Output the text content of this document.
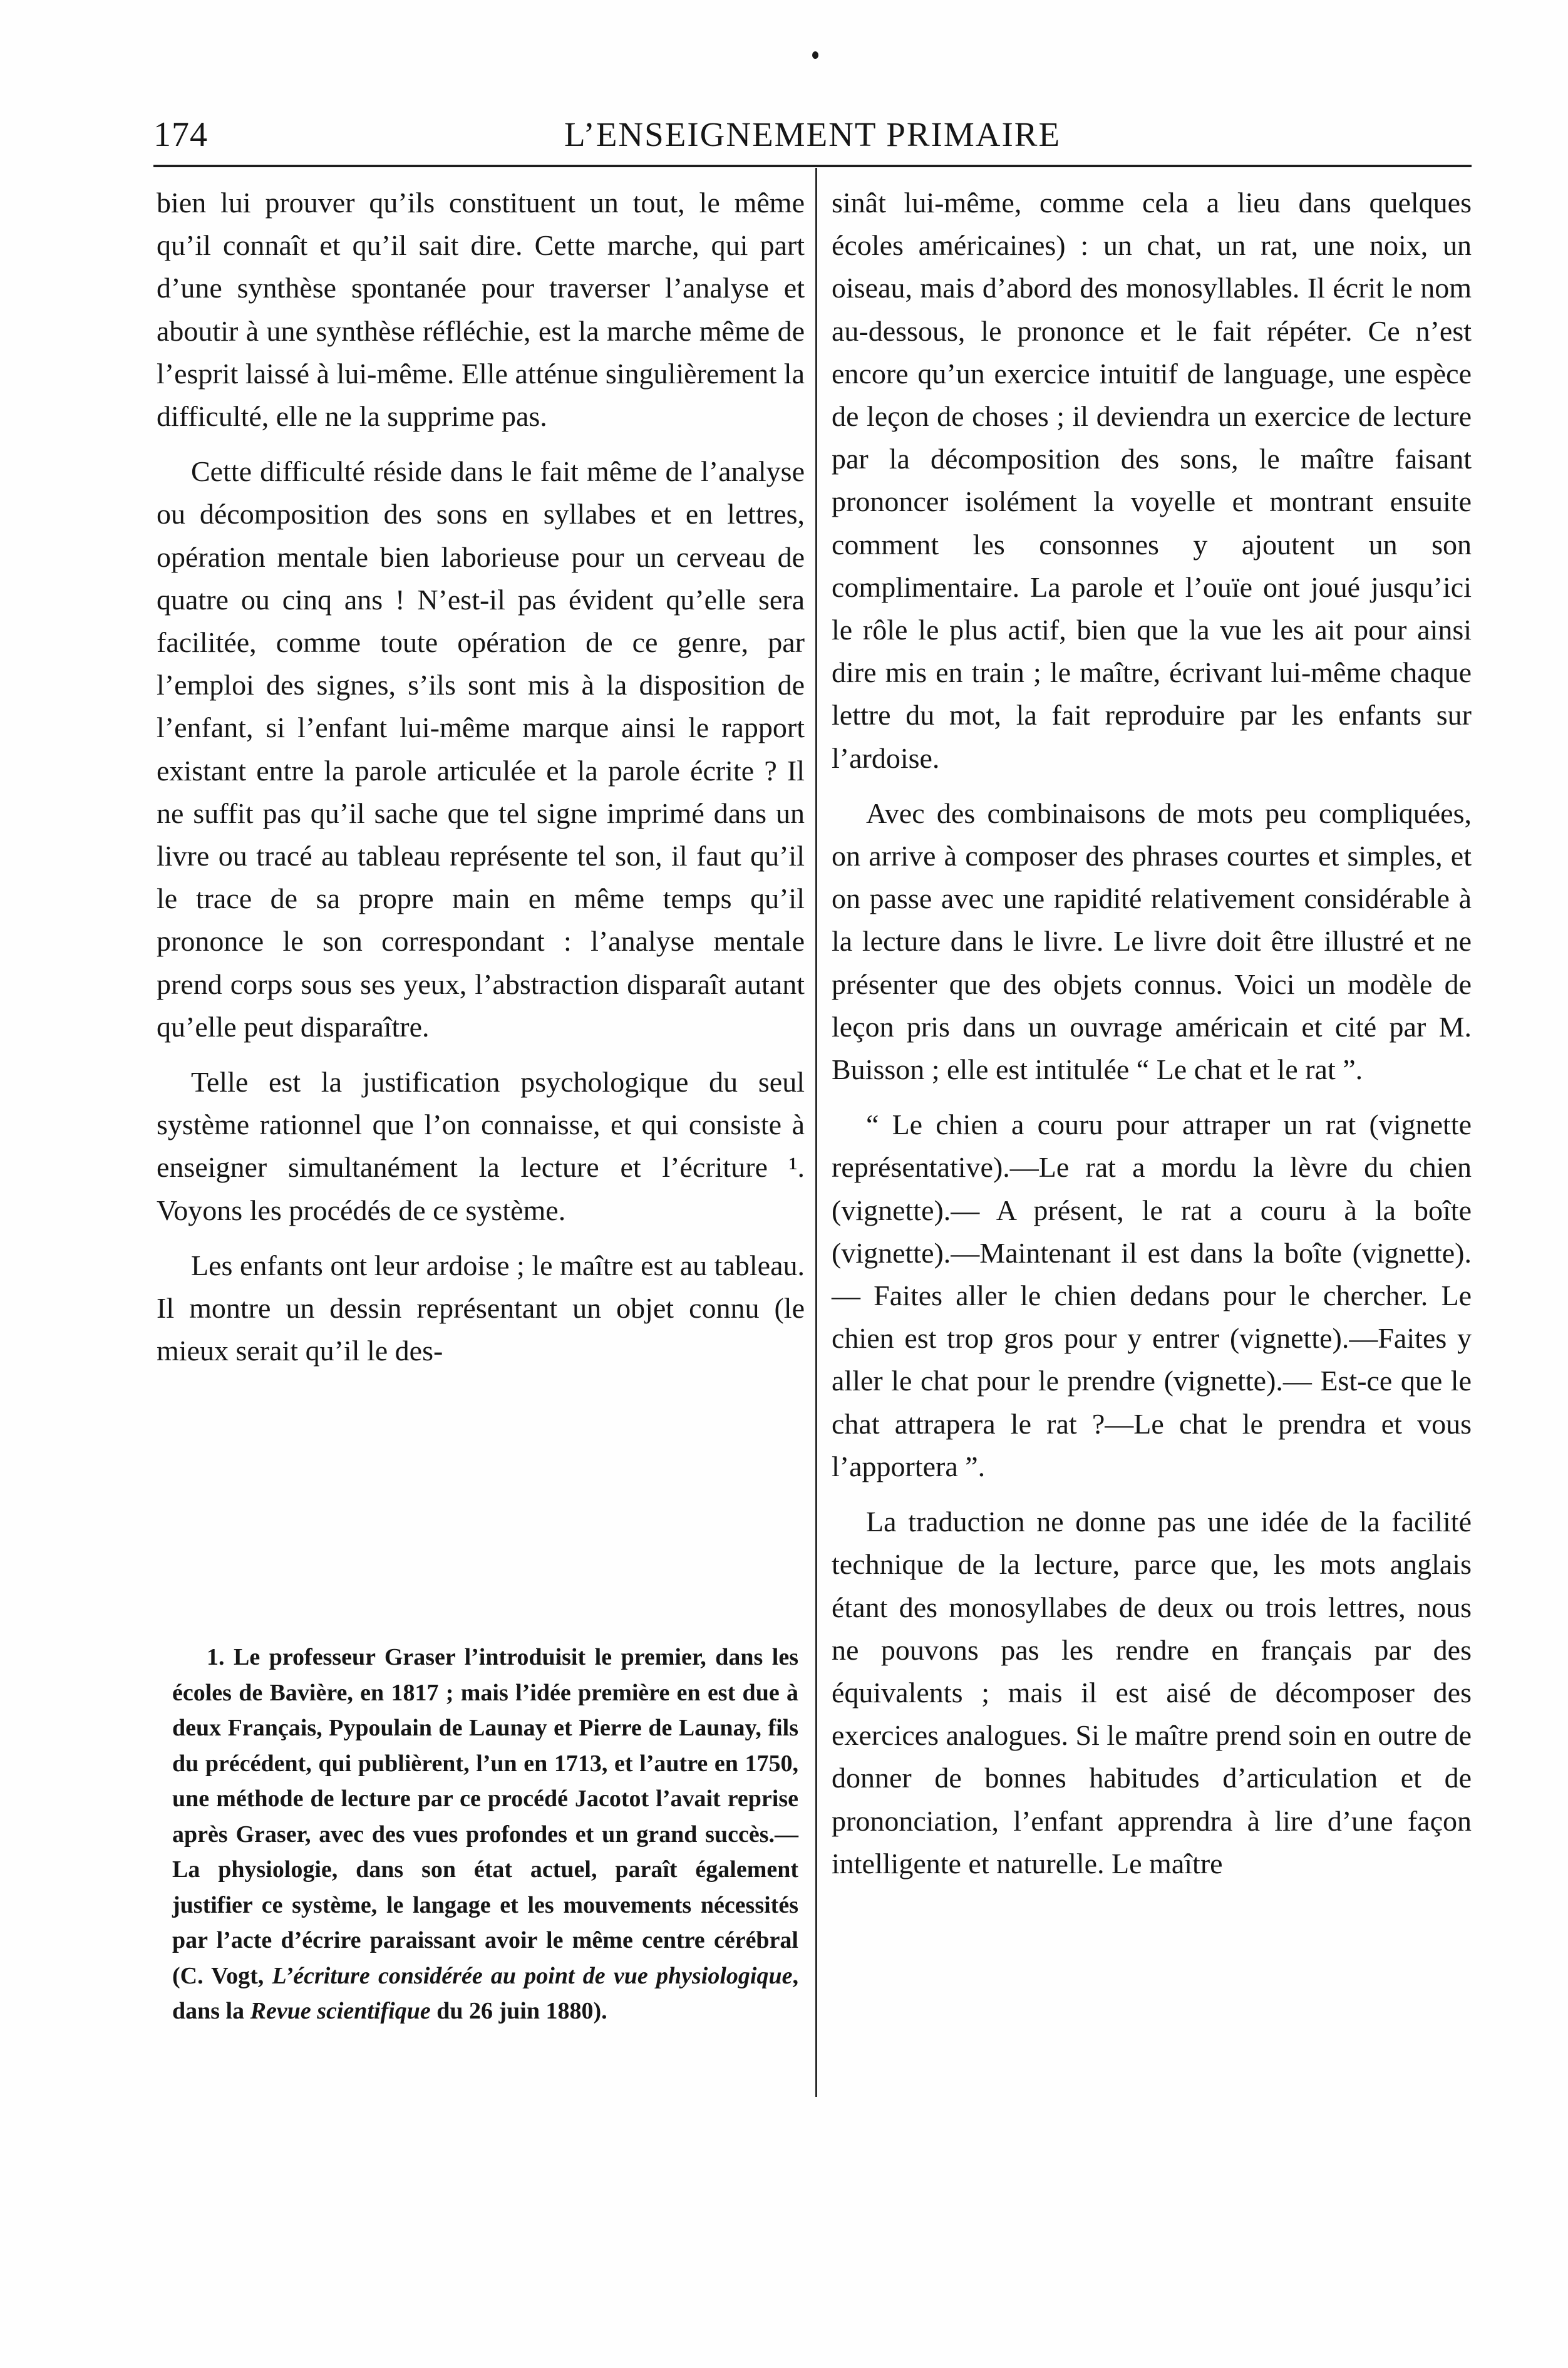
174	L’ENSEIGNEMENT PRIMAIRE

bien lui prouver qu’ils constituent un tout, le même qu’il connaît et qu’il sait dire. Cette marche, qui part d’une synthèse spontanée pour traverser l’analyse et aboutir à une synthèse réfléchie, est la marche même de l’esprit laissé à lui-même. Elle atténue singulièrement la difficulté, elle ne la supprime pas.

Cette difficulté réside dans le fait même de l’analyse ou décomposition des sons en syllabes et en lettres, opération mentale bien laborieuse pour un cerveau de quatre ou cinq ans ! N’est-il pas évident qu’elle sera facilitée, comme toute opération de ce genre, par l’emploi des signes, s’ils sont mis à la disposition de l’enfant, si l’enfant lui-même marque ainsi le rapport existant entre la parole articulée et la parole écrite ? Il ne suffit pas qu’il sache que tel signe imprimé dans un livre ou tracé au tableau représente tel son, il faut qu’il le trace de sa propre main en même temps qu’il prononce le son correspondant : l’analyse mentale prend corps sous ses yeux, l’abstraction disparaît autant qu’elle peut disparaître.

Telle est la justification psychologique du seul système rationnel que l’on connaisse, et qui consiste à enseigner simultanément la lecture et l’écriture ¹. Voyons les procédés de ce système.

Les enfants ont leur ardoise ; le maître est au tableau. Il montre un dessin représentant un objet connu (le mieux serait qu’il le des-

1. Le professeur Graser l’introduisit le premier, dans les écoles de Bavière, en 1817 ; mais l’idée première en est due à deux Français, Pypoulain de Launay et Pierre de Launay, fils du précédent, qui publièrent, l’un en 1713, et l’autre en 1750, une méthode de lecture par ce procédé Jacotot l’avait reprise après Graser, avec des vues profondes et un grand succès.—La physiologie, dans son état actuel, paraît également justifier ce système, le langage et les mouvements nécessités par l’acte d’écrire paraissant avoir le même centre cérébral (C. Vogt, L’écriture considérée au point de vue physiologique, dans la Revue scientifique du 26 juin 1880).

sinât lui-même, comme cela a lieu dans quelques écoles américaines) : un chat, un rat, une noix, un oiseau, mais d’abord des monosyllables. Il écrit le nom au-dessous, le prononce et le fait répéter. Ce n’est encore qu’un exercice intuitif de language, une espèce de leçon de choses ; il deviendra un exercice de lecture par la décomposition des sons, le maître faisant prononcer isolément la voyelle et montrant ensuite comment les consonnes y ajoutent un son complimentaire. La parole et l’ouïe ont joué jusqu’ici le rôle le plus actif, bien que la vue les ait pour ainsi dire mis en train ; le maître, écrivant lui-même chaque lettre du mot, la fait reproduire par les enfants sur l’ardoise.

Avec des combinaisons de mots peu compliquées, on arrive à composer des phrases courtes et simples, et on passe avec une rapidité relativement considérable à la lecture dans le livre. Le livre doit être illustré et ne présenter que des objets connus. Voici un modèle de leçon pris dans un ouvrage américain et cité par M. Buisson ; elle est intitulée “ Le chat et le rat ”.

“ Le chien a couru pour attraper un rat (vignette représentative).—Le rat a mordu la lèvre du chien (vignette).— A présent, le rat a couru à la boîte (vignette).—Maintenant il est dans la boîte (vignette). — Faites aller le chien dedans pour le chercher. Le chien est trop gros pour y entrer (vignette).—Faites y aller le chat pour le prendre (vignette).— Est-ce que le chat attrapera le rat ?—Le chat le prendra et vous l’apportera ”.

La traduction ne donne pas une idée de la facilité technique de la lecture, parce que, les mots anglais étant des monosyllabes de deux ou trois lettres, nous ne pouvons pas les rendre en français par des équivalents ; mais il est aisé de décomposer des exercices analogues. Si le maître prend soin en outre de donner de bonnes habitudes d’articulation et de prononciation, l’enfant apprendra à lire d’une façon intelligente et naturelle. Le maître
